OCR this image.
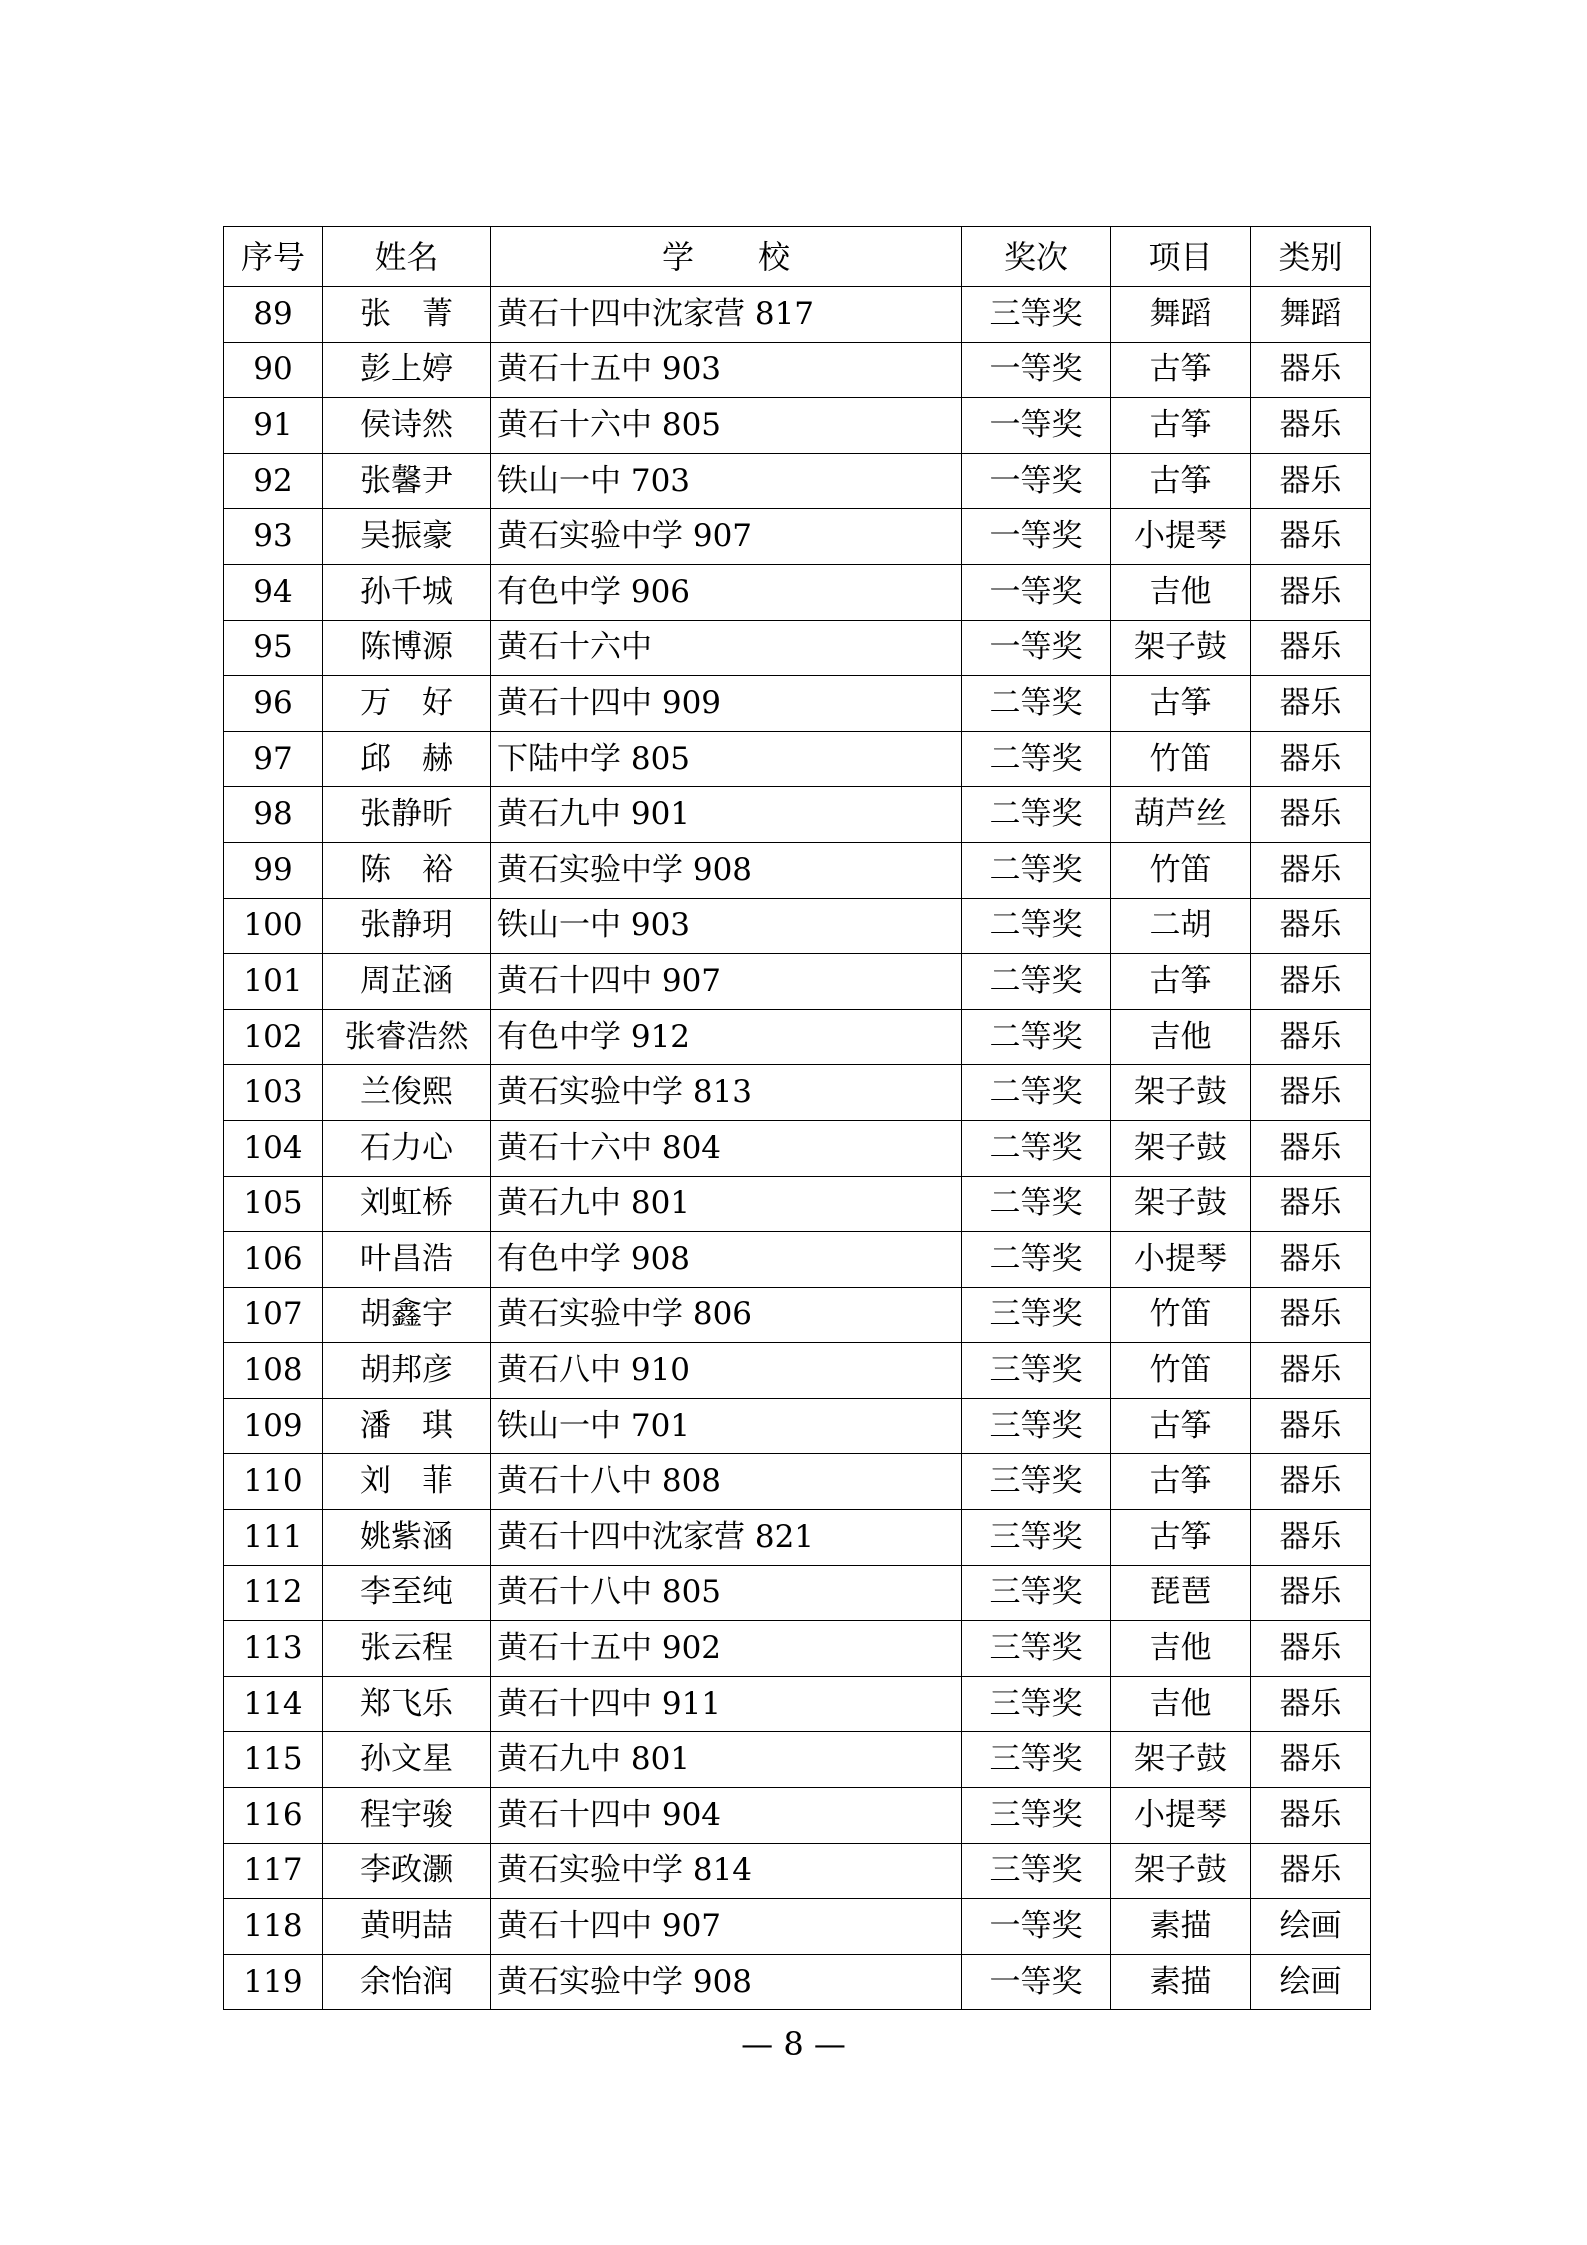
序号	姓名	学　　校	奖次	项目	类别
89	张　菁	黄石十四中沈家营 817	三等奖	舞蹈	舞蹈
90	彭上婷	黄石十五中 903	一等奖	古筝	器乐
91	侯诗然	黄石十六中 805	一等奖	古筝	器乐
92	张馨尹	铁山一中 703	一等奖	古筝	器乐
93	吴振豪	黄石实验中学 907	一等奖	小提琴	器乐
94	孙千城	有色中学 906	一等奖	吉他	器乐
95	陈博源	黄石十六中	一等奖	架子鼓	器乐
96	万　好	黄石十四中 909	二等奖	古筝	器乐
97	邱　赫	下陆中学 805	二等奖	竹笛	器乐
98	张静昕	黄石九中 901	二等奖	葫芦丝	器乐
99	陈　裕	黄石实验中学 908	二等奖	竹笛	器乐
100	张静玥	铁山一中 903	二等奖	二胡	器乐
101	周芷涵	黄石十四中 907	二等奖	古筝	器乐
102	张睿浩然	有色中学 912	二等奖	吉他	器乐
103	兰俊熙	黄石实验中学 813	二等奖	架子鼓	器乐
104	石力心	黄石十六中 804	二等奖	架子鼓	器乐
105	刘虹桥	黄石九中 801	二等奖	架子鼓	器乐
106	叶昌浩	有色中学 908	二等奖	小提琴	器乐
107	胡鑫宇	黄石实验中学 806	三等奖	竹笛	器乐
108	胡邦彦	黄石八中 910	三等奖	竹笛	器乐
109	潘　琪	铁山一中 701	三等奖	古筝	器乐
110	刘　菲	黄石十八中 808	三等奖	古筝	器乐
111	姚紫涵	黄石十四中沈家营 821	三等奖	古筝	器乐
112	李至纯	黄石十八中 805	三等奖	琵琶	器乐
113	张云程	黄石十五中 902	三等奖	吉他	器乐
114	郑飞乐	黄石十四中 911	三等奖	吉他	器乐
115	孙文星	黄石九中 801	三等奖	架子鼓	器乐
116	程宇骏	黄石十四中 904	三等奖	小提琴	器乐
117	李政灏	黄石实验中学 814	三等奖	架子鼓	器乐
118	黄明喆	黄石十四中 907	一等奖	素描	绘画
119	余怡润	黄石实验中学 908	一等奖	素描	绘画
— 8 —
